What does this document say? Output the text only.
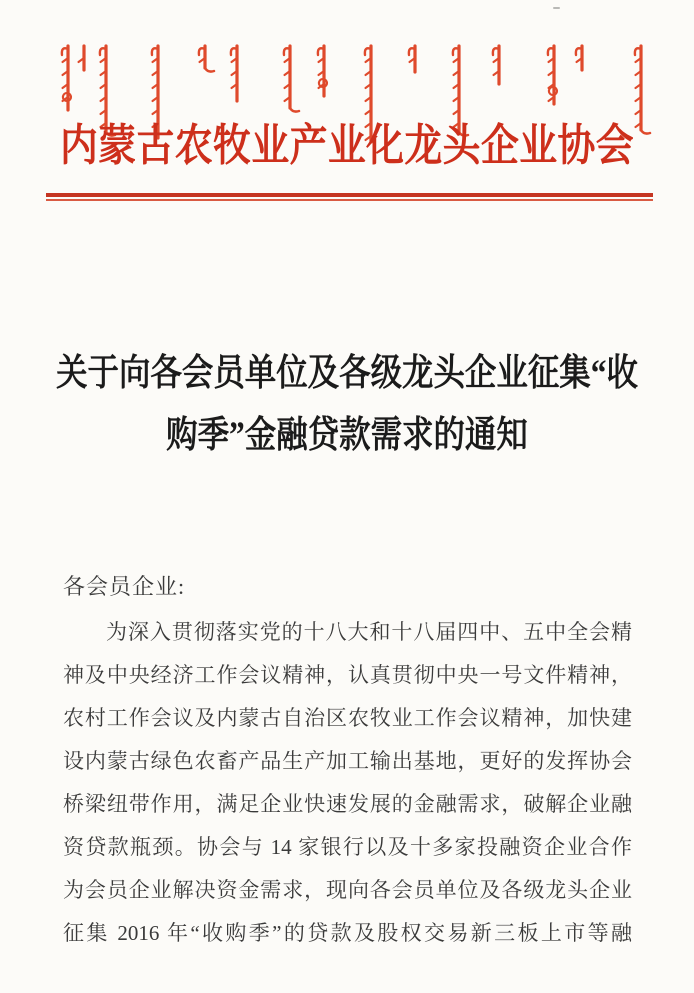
内蒙古农牧业产业化龙头企业协会
关于向各会员单位及各级龙头企业征集“收
购季”金融贷款需求的通知
各会员企业:
为深入贯彻落实党的十八大和十八届四中、五中全会精
神及中央经济工作会议精神，认真贯彻中央一号文件精神，
农村工作会议及内蒙古自治区农牧业工作会议精神，加快建
设内蒙古绿色农畜产品生产加工输出基地，更好的发挥协会
桥梁纽带作用，满足企业快速发展的金融需求，破解企业融
资贷款瓶颈。协会与 14 家银行以及十多家投融资企业合作
为会员企业解决资金需求，现向各会员单位及各级龙头企业
征集 2016 年“收购季”的贷款及股权交易新三板上市等融
